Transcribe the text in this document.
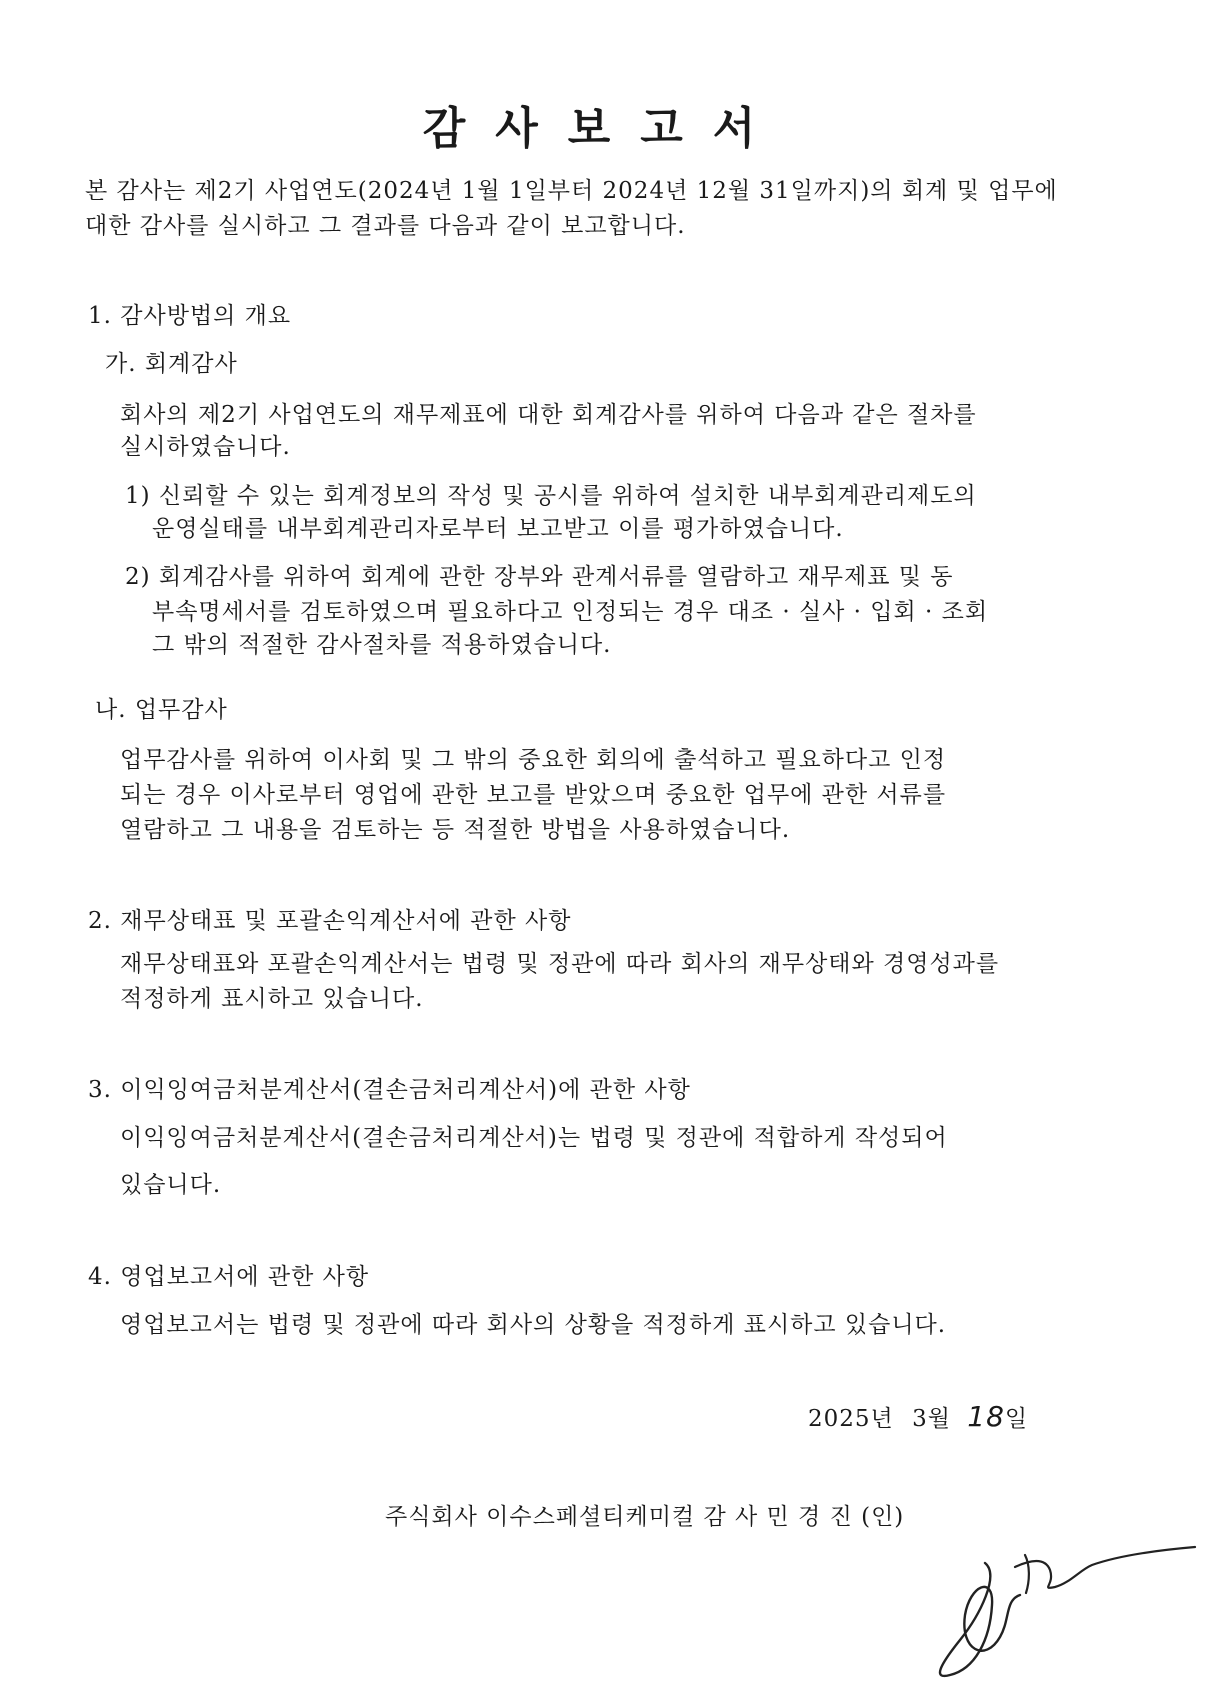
감사보고서
본 감사는 제2기 사업연도(2024년 1월 1일부터 2024년 12월 31일까지)의 회계 및 업무에
대한 감사를 실시하고 그 결과를 다음과 같이 보고합니다.
1. 감사방법의 개요
가. 회계감사
회사의 제2기 사업연도의 재무제표에 대한 회계감사를 위하여 다음과 같은 절차를
실시하였습니다.
1) 신뢰할 수 있는 회계정보의 작성 및 공시를 위하여 설치한 내부회계관리제도의
운영실태를 내부회계관리자로부터 보고받고 이를 평가하였습니다.
2) 회계감사를 위하여 회계에 관한 장부와 관계서류를 열람하고 재무제표 및 동
부속명세서를 검토하였으며 필요하다고 인정되는 경우 대조 · 실사 · 입회 · 조회
그 밖의 적절한 감사절차를 적용하였습니다.
나. 업무감사
업무감사를 위하여 이사회 및 그 밖의 중요한 회의에 출석하고 필요하다고 인정
되는 경우 이사로부터 영업에 관한 보고를 받았으며 중요한 업무에 관한 서류를
열람하고 그 내용을 검토하는 등 적절한 방법을 사용하였습니다.
2. 재무상태표 및 포괄손익계산서에 관한 사항
재무상태표와 포괄손익계산서는 법령 및 정관에 따라 회사의 재무상태와 경영성과를
적정하게 표시하고 있습니다.
3. 이익잉여금처분계산서(결손금처리계산서)에 관한 사항
이익잉여금처분계산서(결손금처리계산서)는 법령 및 정관에 적합하게 작성되어
있습니다.
4. 영업보고서에 관한 사항
영업보고서는 법령 및 정관에 따라 회사의 상황을 적정하게 표시하고 있습니다.
2025년 3월 18일
주식회사 이수스페셜티케미컬 감 사 민 경 진 (인)
